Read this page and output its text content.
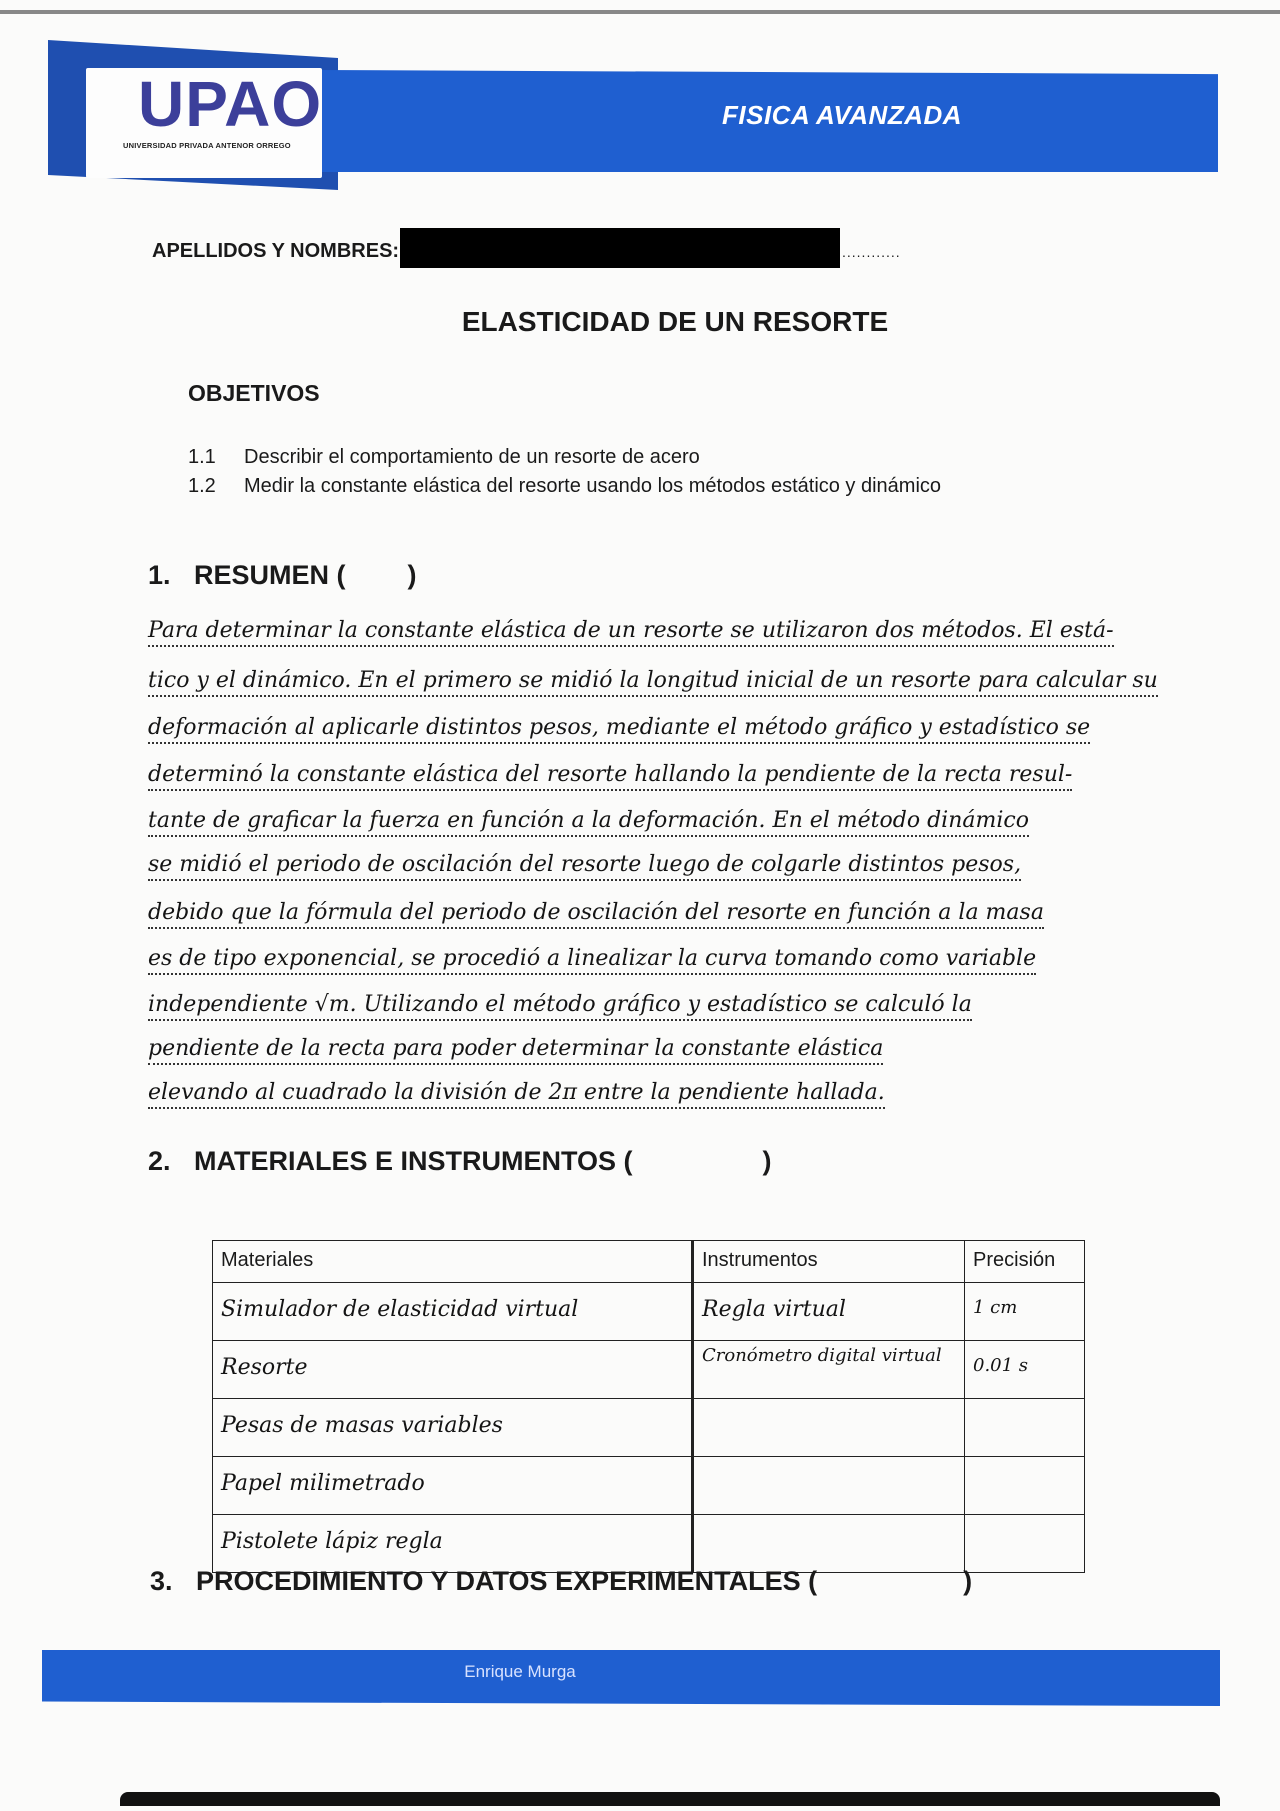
UPAO
UNIVERSIDAD PRIVADA ANTENOR ORREGO
FISICA AVANZADA
APELLIDOS Y NOMBRES:	............
ELASTICIDAD DE UN RESORTE
OBJETIVOS
1.1 Describir el comportamiento de un resorte de acero
1.2 Medir la constante elástica del resorte usando los métodos estático y dinámico
1. RESUMEN ( )
Para determinar la constante elástica de un resorte se utilizaron dos métodos. El está-
tico y el dinámico. En el primero se midió la longitud inicial de un resorte para calcular su
deformación al aplicarle distintos pesos, mediante el método gráfico y estadístico se
determinó la constante elástica del resorte hallando la pendiente de la recta resul-
tante de graficar la fuerza en función a la deformación. En el método dinámico
se midió el periodo de oscilación del resorte luego de colgarle distintos pesos,
debido que la fórmula del periodo de oscilación del resorte en función a la masa
es de tipo exponencial, se procedió a linealizar la curva tomando como variable
independiente √m. Utilizando el método gráfico y estadístico se calculó la
pendiente de la recta para poder determinar la constante elástica
elevando al cuadrado la división de 2π entre la pendiente hallada.
2. MATERIALES E INSTRUMENTOS (	)
Materiales	Instrumentos	Precisión
Simulador de elasticidad virtual	Regla virtual	1 cm
Resorte	Cronómetro digital virtual	0.01 s
Pesas de masas variables		
Papel milimetrado		
Pistolete lápiz regla		
3. PROCEDIMIENTO Y DATOS EXPERIMENTALES (	)
Enrique Murga
